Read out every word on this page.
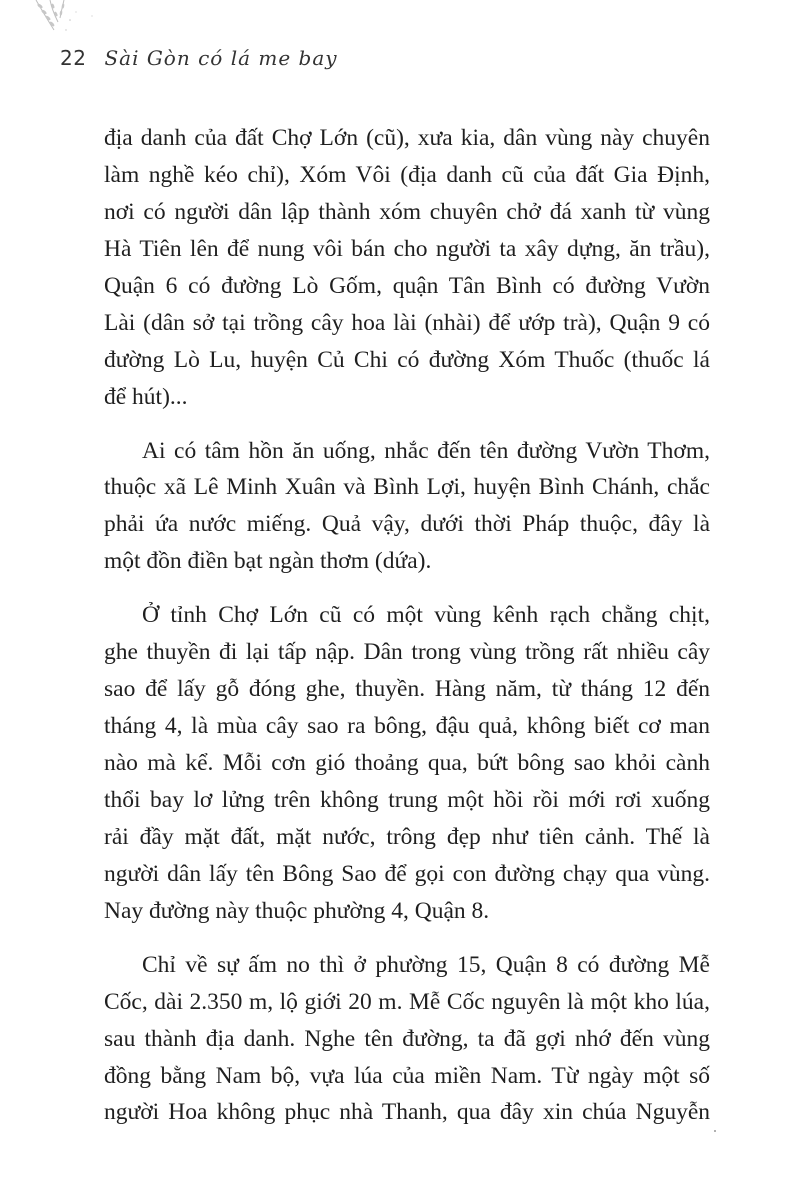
22 Sài Gòn có lá me bay
địa danh của đất Chợ Lớn (cũ), xưa kia, dân vùng này chuyên
làm nghề kéo chỉ), Xóm Vôi (địa danh cũ của đất Gia Định,
nơi có người dân lập thành xóm chuyên chở đá xanh từ vùng
Hà Tiên lên để nung vôi bán cho người ta xây dựng, ăn trầu),
Quận 6 có đường Lò Gốm, quận Tân Bình có đường Vườn
Lài (dân sở tại trồng cây hoa lài (nhài) để ướp trà), Quận 9 có
đường Lò Lu, huyện Củ Chi có đường Xóm Thuốc (thuốc lá
để hút)...
Ai có tâm hồn ăn uống, nhắc đến tên đường Vườn Thơm,
thuộc xã Lê Minh Xuân và Bình Lợi, huyện Bình Chánh, chắc
phải ứa nước miếng. Quả vậy, dưới thời Pháp thuộc, đây là
một đồn điền bạt ngàn thơm (dứa).
Ở tỉnh Chợ Lớn cũ có một vùng kênh rạch chằng chịt,
ghe thuyền đi lại tấp nập. Dân trong vùng trồng rất nhiều cây
sao để lấy gỗ đóng ghe, thuyền. Hàng năm, từ tháng 12 đến
tháng 4, là mùa cây sao ra bông, đậu quả, không biết cơ man
nào mà kể. Mỗi cơn gió thoảng qua, bứt bông sao khỏi cành
thổi bay lơ lửng trên không trung một hồi rồi mới rơi xuống
rải đầy mặt đất, mặt nước, trông đẹp như tiên cảnh. Thế là
người dân lấy tên Bông Sao để gọi con đường chạy qua vùng.
Nay đường này thuộc phường 4, Quận 8.
Chỉ về sự ấm no thì ở phường 15, Quận 8 có đường Mễ
Cốc, dài 2.350 m, lộ giới 20 m. Mễ Cốc nguyên là một kho lúa,
sau thành địa danh. Nghe tên đường, ta đã gợi nhớ đến vùng
đồng bằng Nam bộ, vựa lúa của miền Nam. Từ ngày một số
người Hoa không phục nhà Thanh, qua đây xin chúa Nguyễn
